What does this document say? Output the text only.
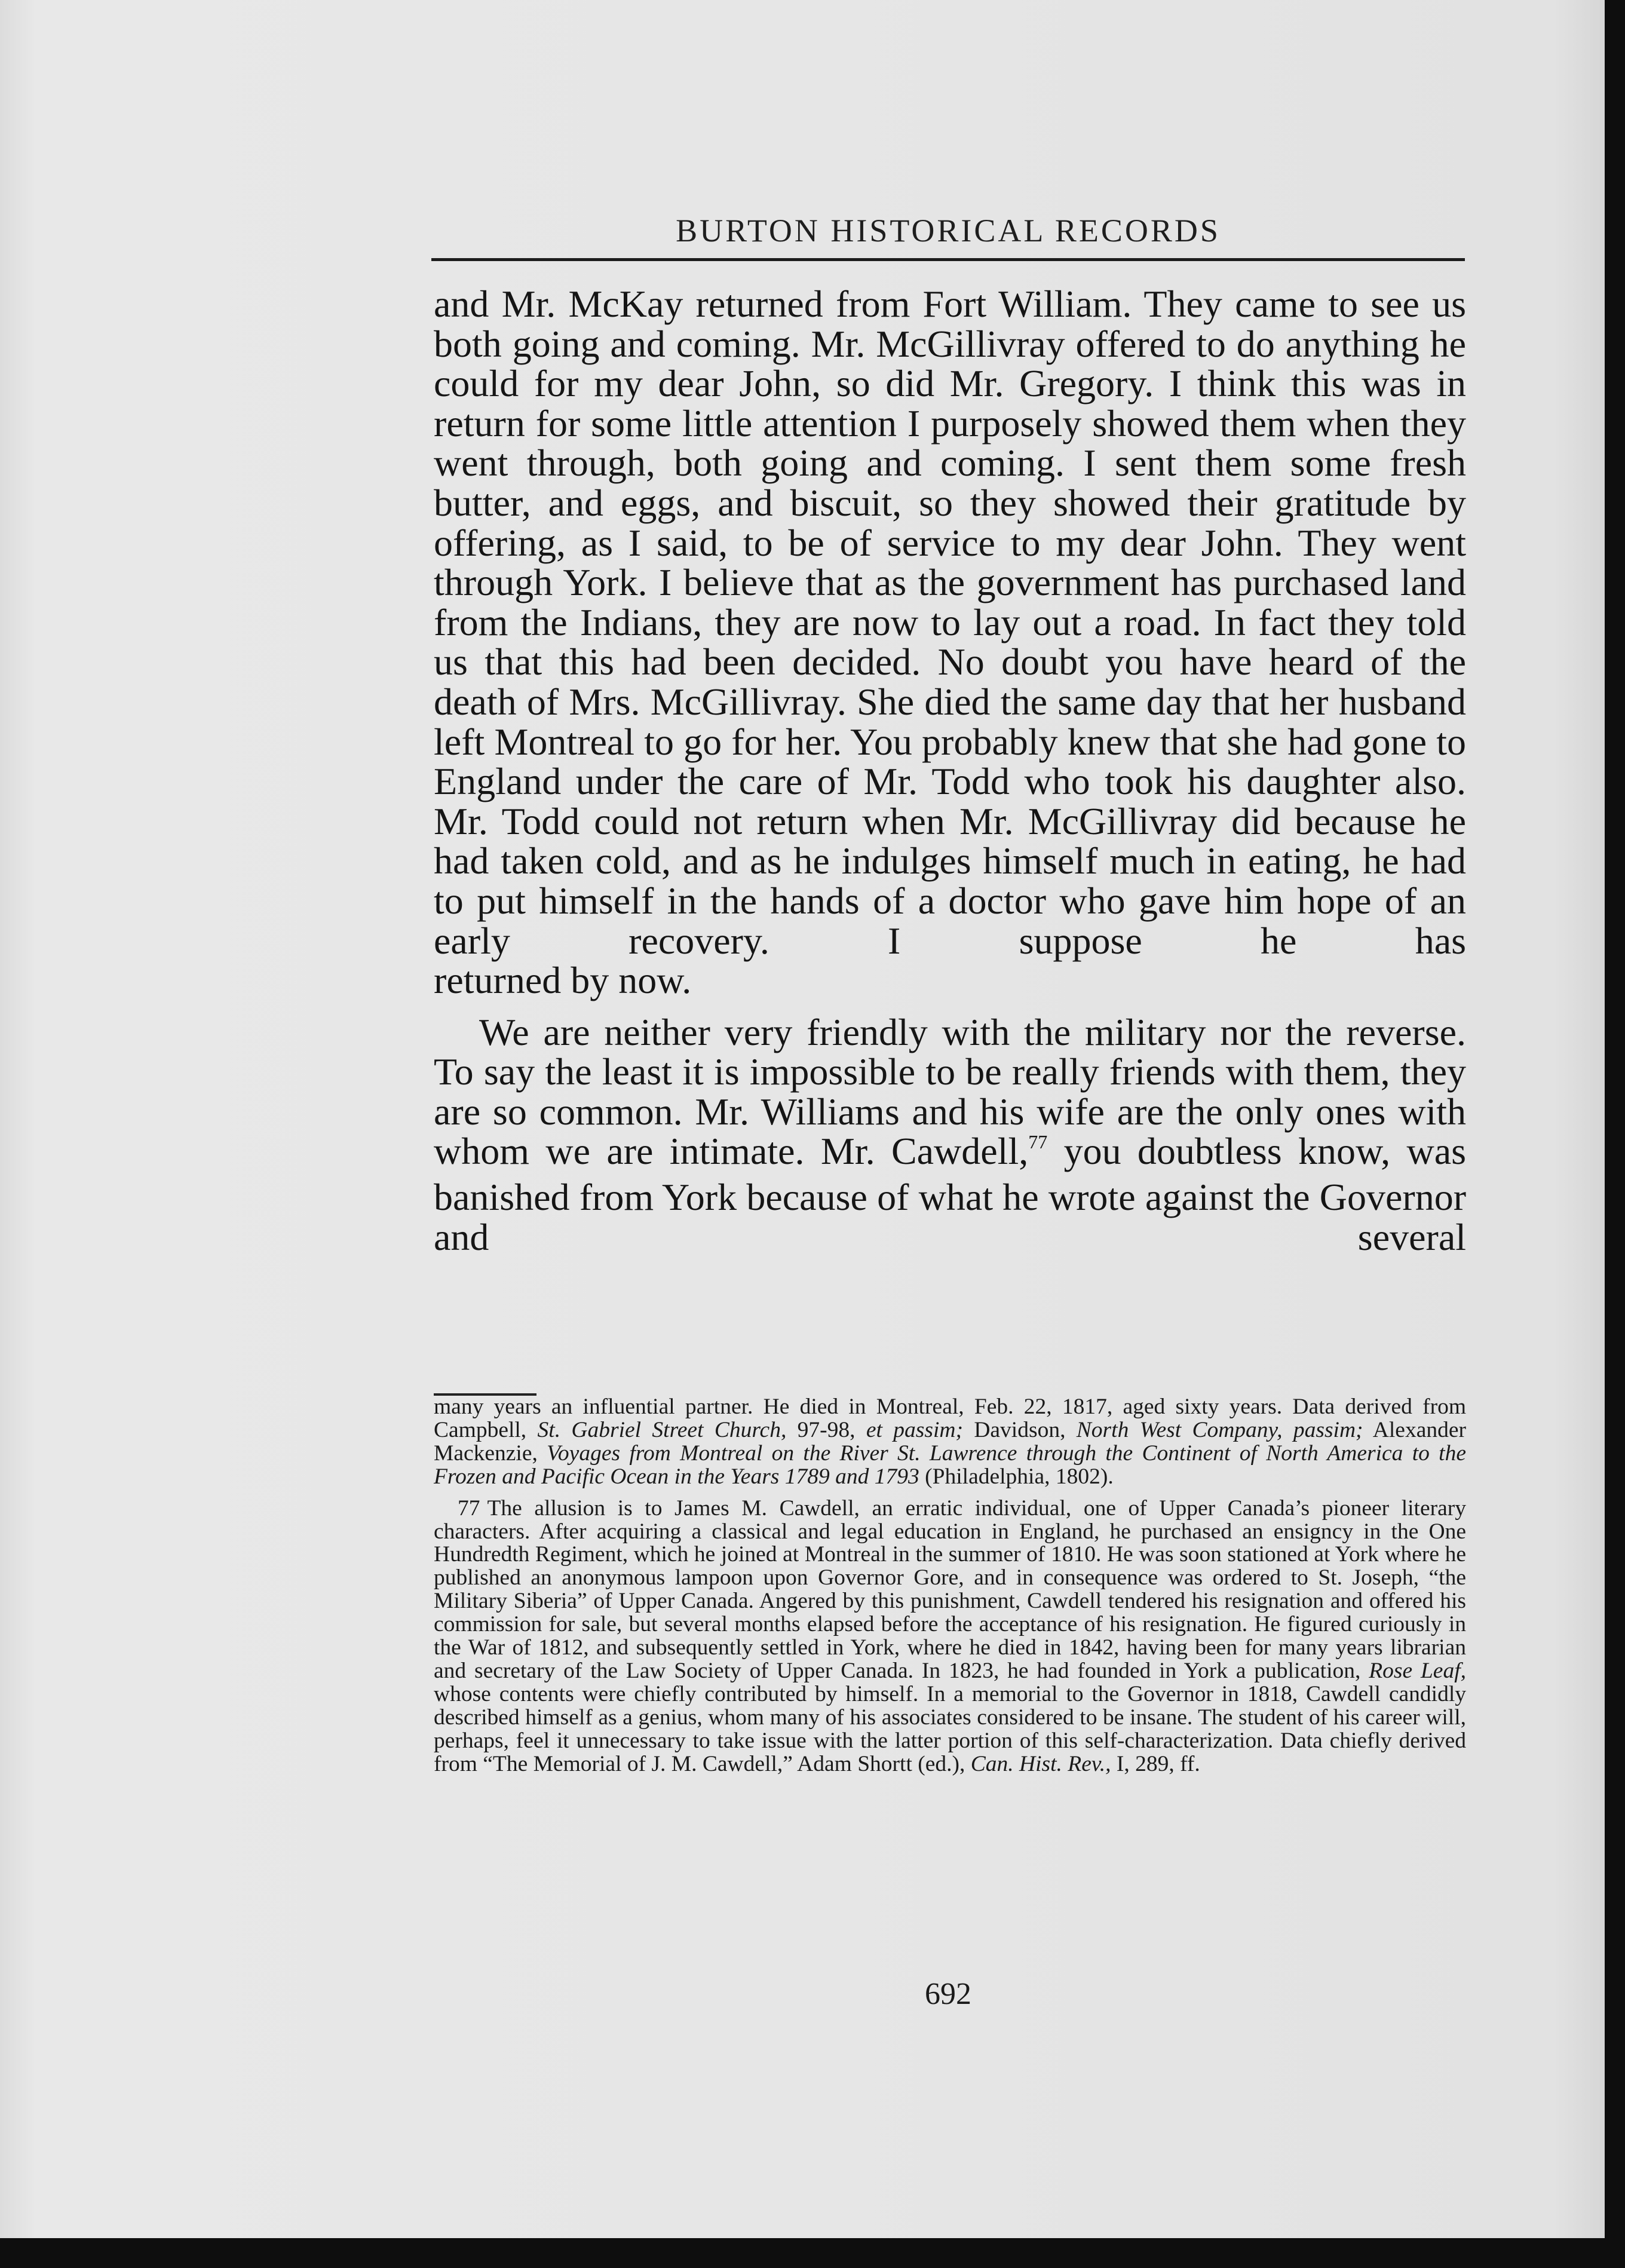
BURTON HISTORICAL RECORDS

and Mr. McKay returned from Fort William. They came to see us both going and coming. Mr. McGillivray offered to do anything he could for my dear John, so did Mr. Gregory. I think this was in return for some little attention I purposely showed them when they went through, both going and coming. I sent them some fresh butter, and eggs, and biscuit, so they showed their gratitude by offering, as I said, to be of service to my dear John. They went through York. I believe that as the government has purchased land from the Indians, they are now to lay out a road. In fact they told us that this had been decided. No doubt you have heard of the death of Mrs. McGillivray. She died the same day that her husband left Montreal to go for her. You probably knew that she had gone to England under the care of Mr. Todd who took his daughter also. Mr. Todd could not return when Mr. McGillivray did because he had taken cold, and as he indulges himself much in eating, he had to put himself in the hands of a doctor who gave him hope of an early recovery. I suppose he has

returned by now.

We are neither very friendly with the military nor the reverse. To say the least it is impossible to be really friends with them, they are so common. Mr. Williams and his wife are the only ones with whom we are intimate. Mr. Cawdell,$^{77}$ you doubtless know, was banished from York because of what he wrote against the Governor and several

many years an influential partner. He died in Montreal, Feb. 22, 1817, aged sixty years. Data derived from Campbell, St. Gabriel Street Church, 97-98, et passim; Davidson, North West Company, passim; Alexander Mackenzie, Voyages from Montreal on the River St. Lawrence through the Continent of North America to the Frozen and Pacific Ocean in the Years 1789 and 1793 (Philadelphia, 1802).

77 The allusion is to James M. Cawdell, an erratic individual, one of Upper Canada’s pioneer literary characters. After acquiring a classical and legal education in England, he purchased an ensigncy in the One Hundredth Regiment, which he joined at Montreal in the summer of 1810. He was soon stationed at York where he published an anonymous lampoon upon Governor Gore, and in consequence was ordered to St. Joseph, “the Military Siberia” of Upper Canada. Angered by this punishment, Cawdell tendered his resignation and offered his commission for sale, but several months elapsed before the acceptance of his resignation. He figured curiously in the War of 1812, and subsequently settled in York, where he died in 1842, having been for many years librarian and secretary of the Law Society of Upper Canada. In 1823, he had founded in York a publication, Rose Leaf, whose contents were chiefly contributed by himself. In a memorial to the Governor in 1818, Cawdell candidly described himself as a genius, whom many of his associates considered to be insane. The student of his career will, perhaps, feel it unnecessary to take issue with the latter portion of this self-characterization. Data chiefly derived from “The Memorial of J. M. Cawdell,” Adam Shortt (ed.), Can. Hist. Rev., I, 289, ff.

692
